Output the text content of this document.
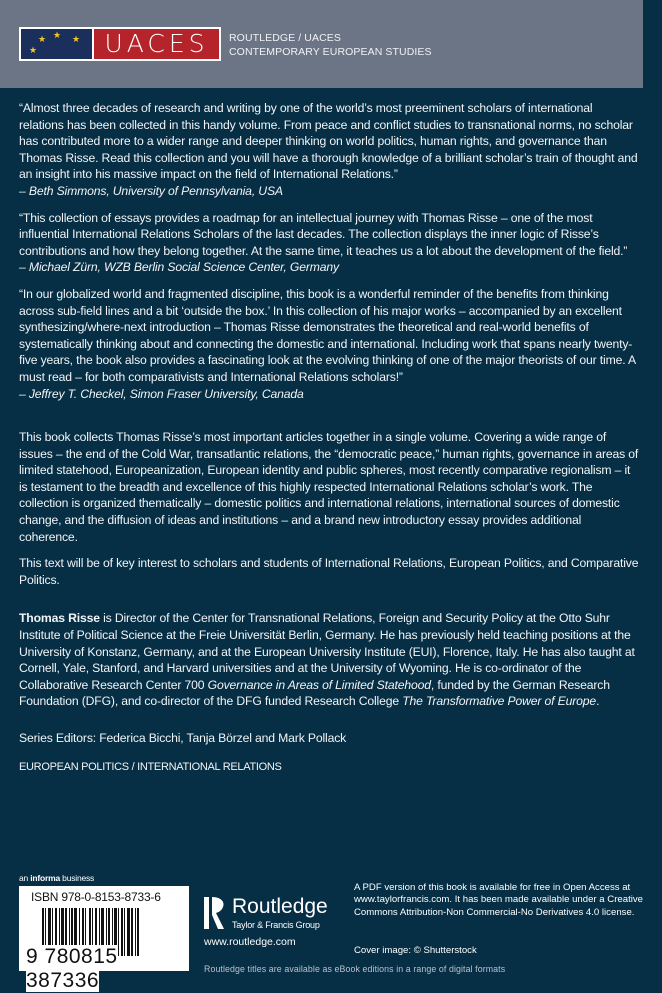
★
★ ★ ★ UACES	ROUTLEDGE / UACES
CONTEMPORARY EUROPEAN STUDIES

“Almost three decades of research and writing by one of the world’s most preeminent scholars of international relations has been collected in this handy volume. From peace and conflict studies to transnational norms, no scholar has contributed more to a wider range and deeper thinking on world politics, human rights, and governance than Thomas Risse. Read this collection and you will have a thorough knowledge of a brilliant scholar’s train of thought and an insight into his massive impact on the field of International Relations.”

– Beth Simmons, University of Pennsylvania, USA

“This collection of essays provides a roadmap for an intellectual journey with Thomas Risse – one of the most influential International Relations Scholars of the last decades. The collection displays the inner logic of Risse’s contributions and how they belong together. At the same time, it teaches us a lot about the development of the field.”

– Michael Zürn, WZB Berlin Social Science Center, Germany

“In our globalized world and fragmented discipline, this book is a wonderful reminder of the benefits from thinking across sub-field lines and a bit ‘outside the box.’ In this collection of his major works – accompanied by an excellent synthesizing/where-next introduction – Thomas Risse demonstrates the theoretical and real-world benefits of systematically thinking about and connecting the domestic and international. Including work that spans nearly twenty-five years, the book also provides a fascinating look at the evolving thinking of one of the major theorists of our time. A must read – for both comparativists and International Relations scholars!”

– Jeffrey T. Checkel, Simon Fraser University, Canada

This book collects Thomas Risse’s most important articles together in a single volume. Covering a wide range of issues – the end of the Cold War, transatlantic relations, the “democratic peace,” human rights, governance in areas of limited statehood, Europeanization, European identity and public spheres, most recently comparative regionalism – it is testament to the breadth and excellence of this highly respected International Relations scholar’s work. The collection is organized thematically – domestic politics and international relations, international sources of domestic change, and the diffusion of ideas and institutions – and a brand new introductory essay provides additional coherence.

This text will be of key interest to scholars and students of International Relations, European Politics, and Comparative Politics.

Thomas Risse is Director of the Center for Transnational Relations, Foreign and Security Policy at the Otto Suhr Institute of Political Science at the Freie Universität Berlin, Germany. He has previously held teaching positions at the University of Konstanz, Germany, and at the European University Institute (EUI), Florence, Italy. He has also taught at Cornell, Yale, Stanford, and Harvard universities and at the University of Wyoming. He is co-ordinator of the Collaborative Research Center 700 Governance in Areas of Limited Statehood, funded by the German Research Foundation (DFG), and co-director of the DFG funded Research College The Transformative Power of Europe.
Series Editors: Federica Bicchi, Tanja Börzel and Mark Pollack
EUROPEAN POLITICS / INTERNATIONAL RELATIONS
an informa business
ISBN 978-0-8153-8733-6
9 780815 387336
Routledge
Taylor & Francis Group
www.routledge.com
A PDF version of this book is available for free in Open Access at www.taylorfrancis.com. It has been made available under a Creative Commons Attribution-Non Commercial-No Derivatives 4.0 license.
Cover image: © Shutterstock
Routledge titles are available as eBook editions in a range of digital formats
